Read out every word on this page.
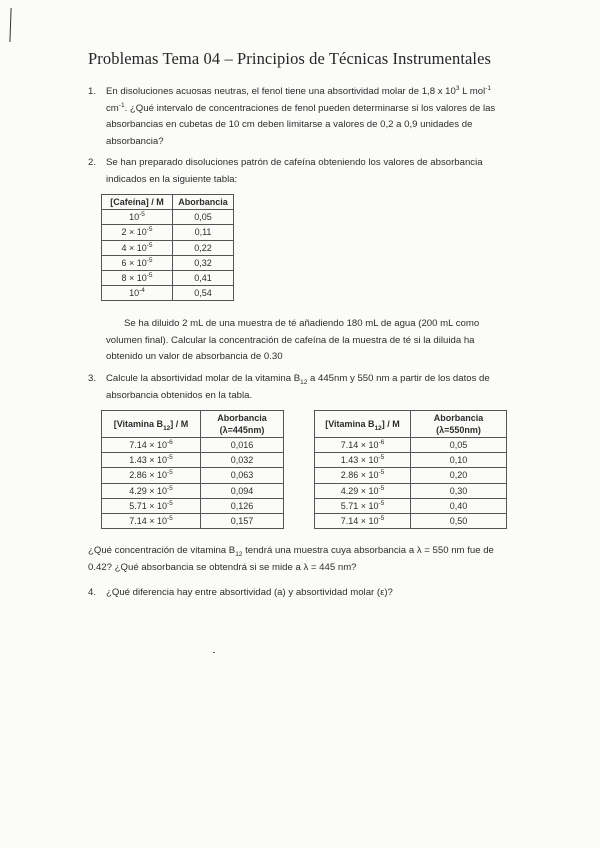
Problemas Tema 04 – Principios de Técnicas Instrumentales
1. En disoluciones acuosas neutras, el fenol tiene una absortividad molar de 1,8 x $10^3$ L mol$^{-1}$ $cm^{-1}$. ¿Qué intervalo de concentraciones de fenol pueden determinarse si los valores de las absorbancias en cubetas de 10 cm deben limitarse a valores de 0,2 a 0,9 unidades de absorbancia?
2. Se han preparado disoluciones patrón de cafeína obteniendo los valores de absorbancia indicados en la siguiente tabla:
[Cafeína] / M	Aborbancia
$10^{-5}$	0,05
$2 \times 10^{-5}$	0,11
$4 \times 10^{-5}$	0,22
$6 \times 10^{-5}$	0,32
$8 \times 10^{-5}$	0,41
$10^{-4}$	0,54
Se ha diluido 2 mL de una muestra de té añadiendo 180 mL de agua (200 mL como volumen final). Calcular la concentración de cafeína de la muestra de té si la diluida ha obtenido un valor de absorbancia de 0.30
3. Calcule la absortividad molar de la vitamina $B_{12}$ a 445nm y 550 nm a partir de los datos de absorbancia obtenidos en la tabla.
[Vitamina $B_{12}$] / M	Aborbancia (λ=445nm)
$7.14 \times 10^{-6}$	0,016
$1.43 \times 10^{-5}$	0,032
$2.86 \times 10^{-5}$	0,063
$4.29 \times 10^{-5}$	0,094
$5.71 \times 10^{-5}$	0,126
$7.14 \times 10^{-5}$	0,157
[Vitamina $B_{12}$] / M	Aborbancia (λ=550nm)
$7.14 \times 10^{-6}$	0,05
$1.43 \times 10^{-5}$	0,10
$2.86 \times 10^{-5}$	0,20
$4.29 \times 10^{-5}$	0,30
$5.71 \times 10^{-5}$	0,40
$7.14 \times 10^{-5}$	0,50
¿Qué concentración de vitamina $B_{12}$ tendrá una muestra cuya absorbancia a λ = 550 nm fue de 0.42? ¿Qué absorbancia se obtendrá si se mide a λ = 445 nm?
4. ¿Qué diferencia hay entre absortividad (a) y absortividad molar (ε)?
